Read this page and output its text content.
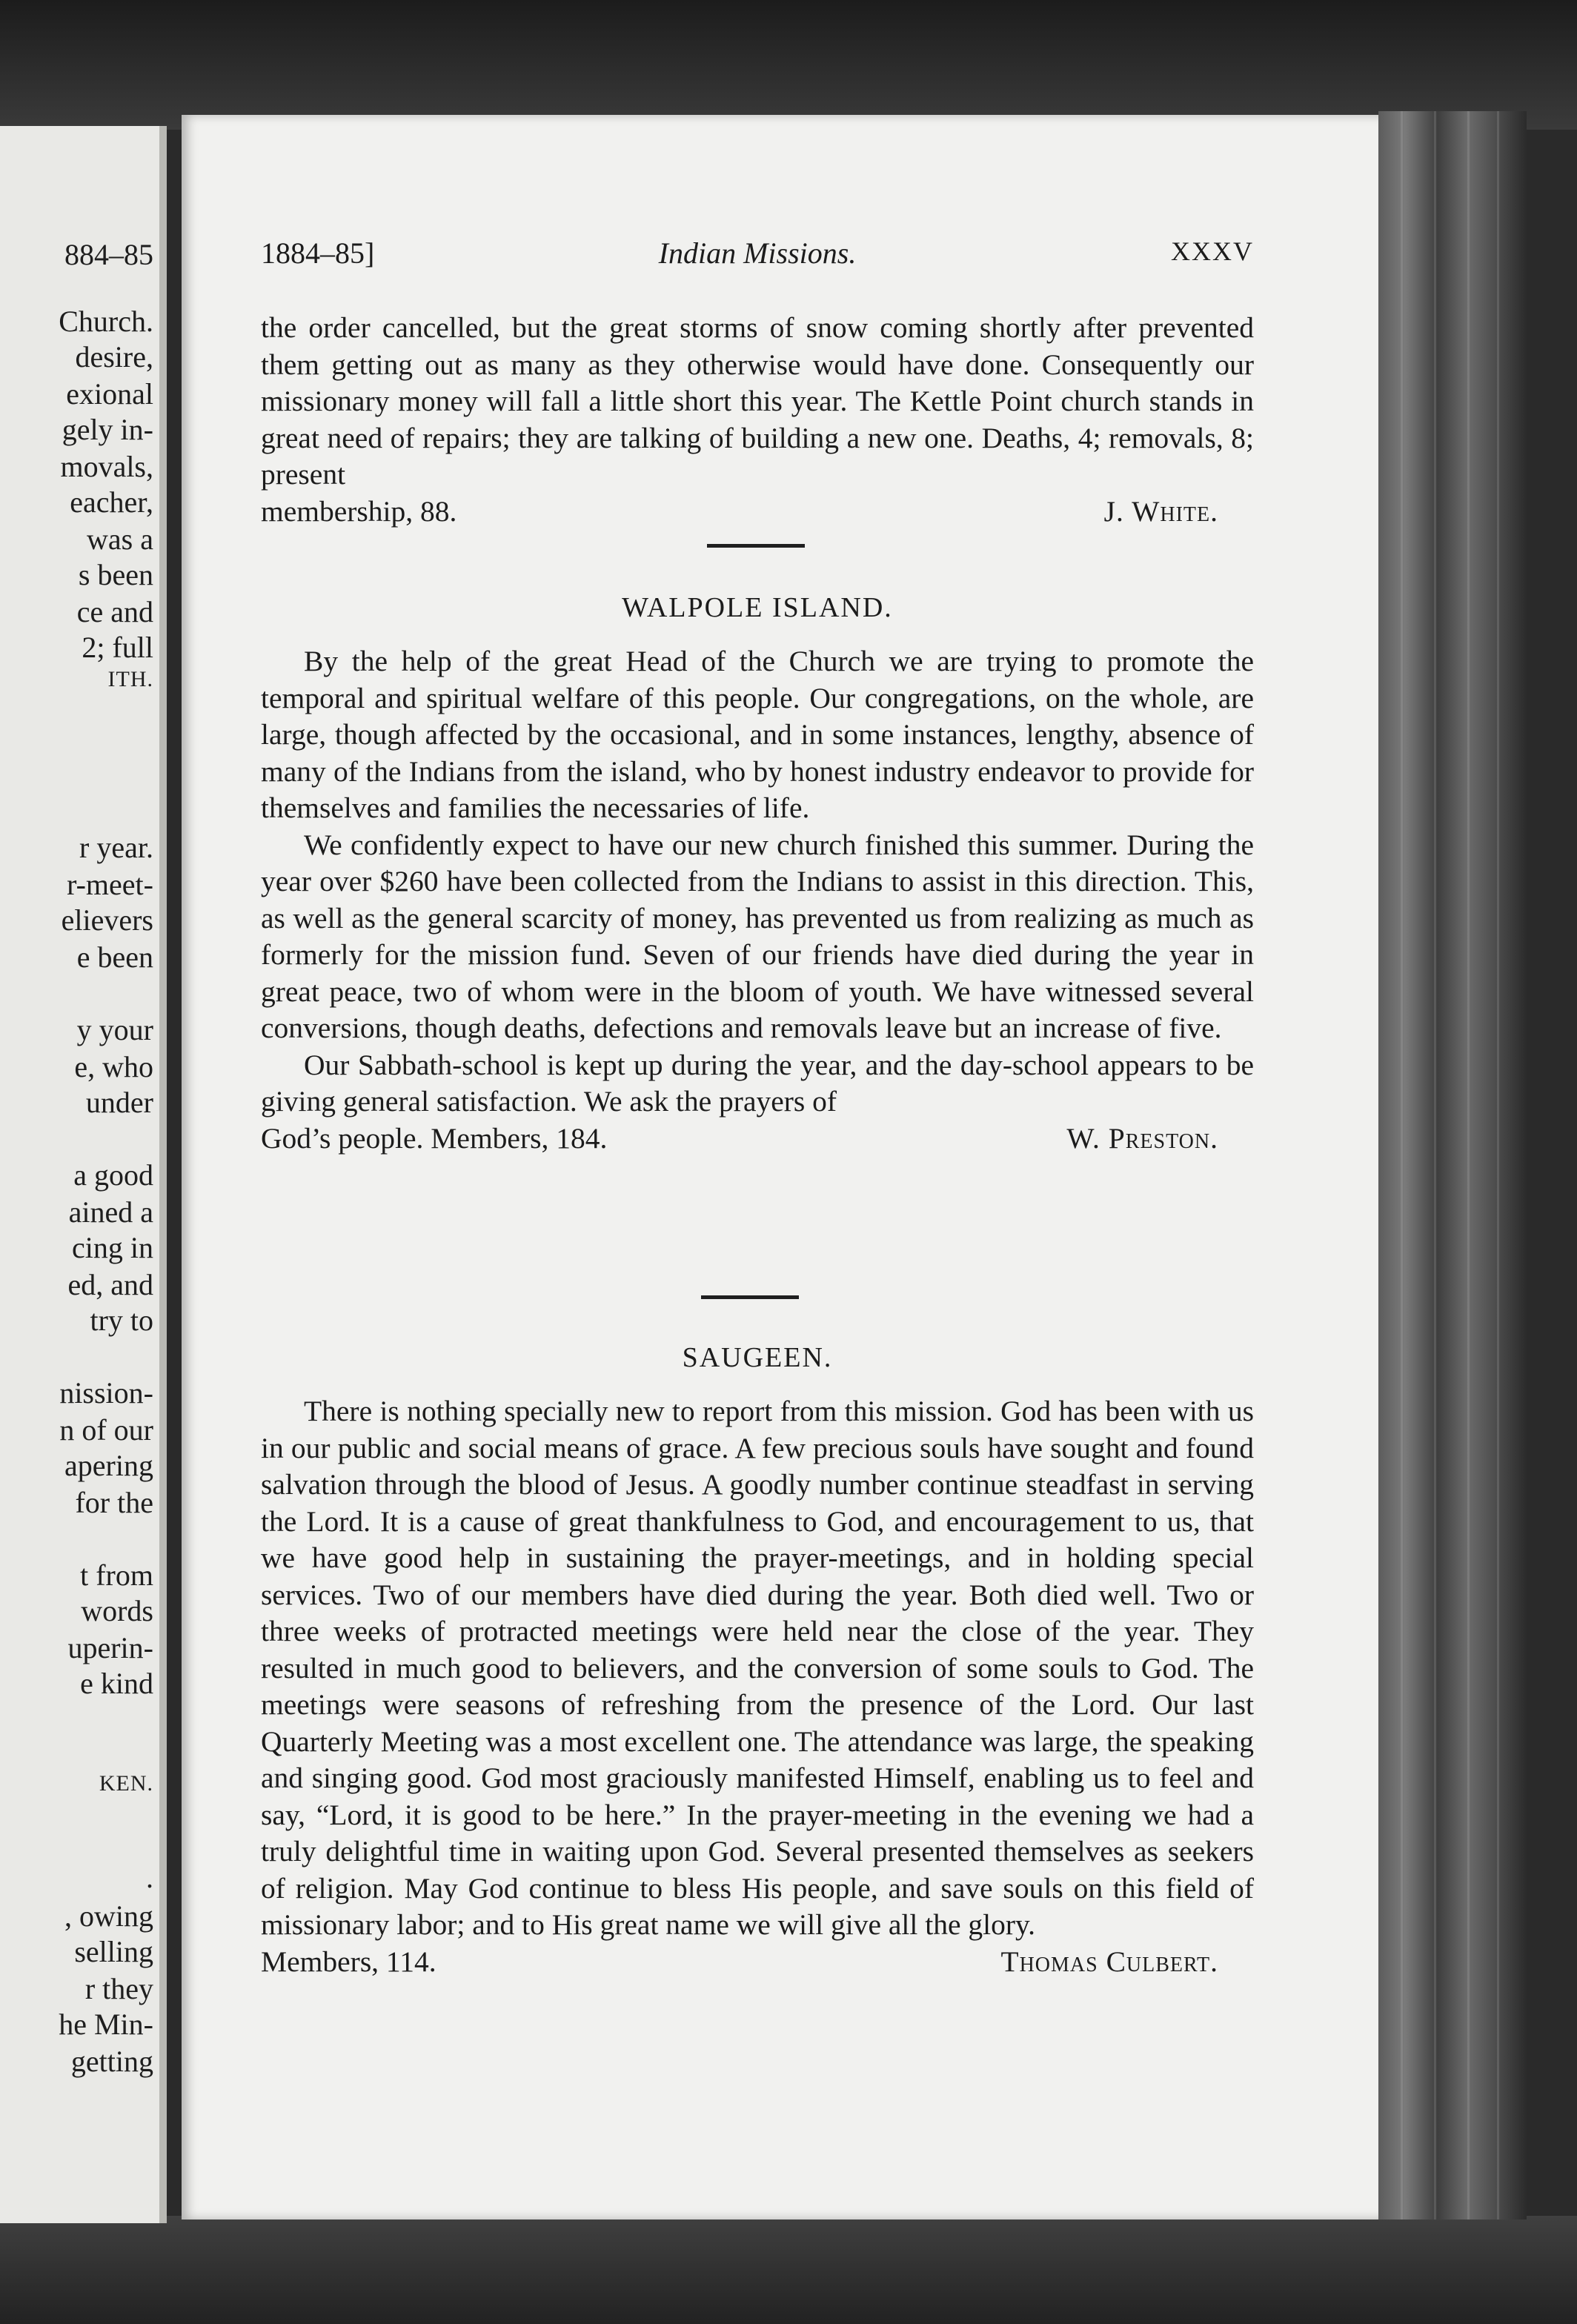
884–85
Church.
desire,
exional
gely in-
movals,
eacher,
was a
s been
ce and
2; full
ITH.
r year.
r-meet-
elievers
e been
y your
e, who
under
a good
ained a
cing in
ed, and
try to
nission-
n of our
apering
for the
t from
words
uperin-
e kind
KEN.
.
, owing
selling
r they
he Min-
getting
1884–85]	Indian Missions.	XXXV

the order cancelled, but the great storms of snow coming shortly after prevented them getting out as many as they otherwise would have done. Consequently our missionary money will fall a little short this year. The Kettle Point church stands in great need of repairs; they are talking of building a new one. Deaths, 4; removals, 8; present

membership, 88.	J. White.
WALPOLE ISLAND.

By the help of the great Head of the Church we are trying to promote the temporal and spiritual welfare of this people. Our congregations, on the whole, are large, though affected by the occasional, and in some instances, lengthy, absence of many of the Indians from the island, who by honest industry endeavor to provide for themselves and families the necessaries of life.

We confidently expect to have our new church finished this summer. During the year over $260 have been collected from the Indians to assist in this direction. This, as well as the general scarcity of money, has prevented us from realizing as much as formerly for the mission fund. Seven of our friends have died during the year in great peace, two of whom were in the bloom of youth. We have witnessed several conversions, though deaths, defections and removals leave but an increase of five.

Our Sabbath-school is kept up during the year, and the day-school appears to be giving general satisfaction. We ask the prayers of

God’s people. Members, 184.	W. Preston.
SAUGEEN.

There is nothing specially new to report from this mission. God has been with us in our public and social means of grace. A few precious souls have sought and found salvation through the blood of Jesus. A goodly number continue steadfast in serving the Lord. It is a cause of great thankfulness to God, and encouragement to us, that we have good help in sustaining the prayer-meetings, and in holding special services. Two of our members have died during the year. Both died well. Two or three weeks of protracted meetings were held near the close of the year. They resulted in much good to believers, and the conversion of some souls to God. The meetings were seasons of refreshing from the presence of the Lord. Our last Quarterly Meeting was a most excellent one. The attendance was large, the speaking and singing good. God most graciously manifested Himself, enabling us to feel and say, “Lord, it is good to be here.” In the prayer-meeting in the evening we had a truly delightful time in waiting upon God. Several presented themselves as seekers of religion. May God continue to bless His people, and save souls on this field of missionary labor; and to His great name we will give all the glory.

Members, 114.	Thomas Culbert.
